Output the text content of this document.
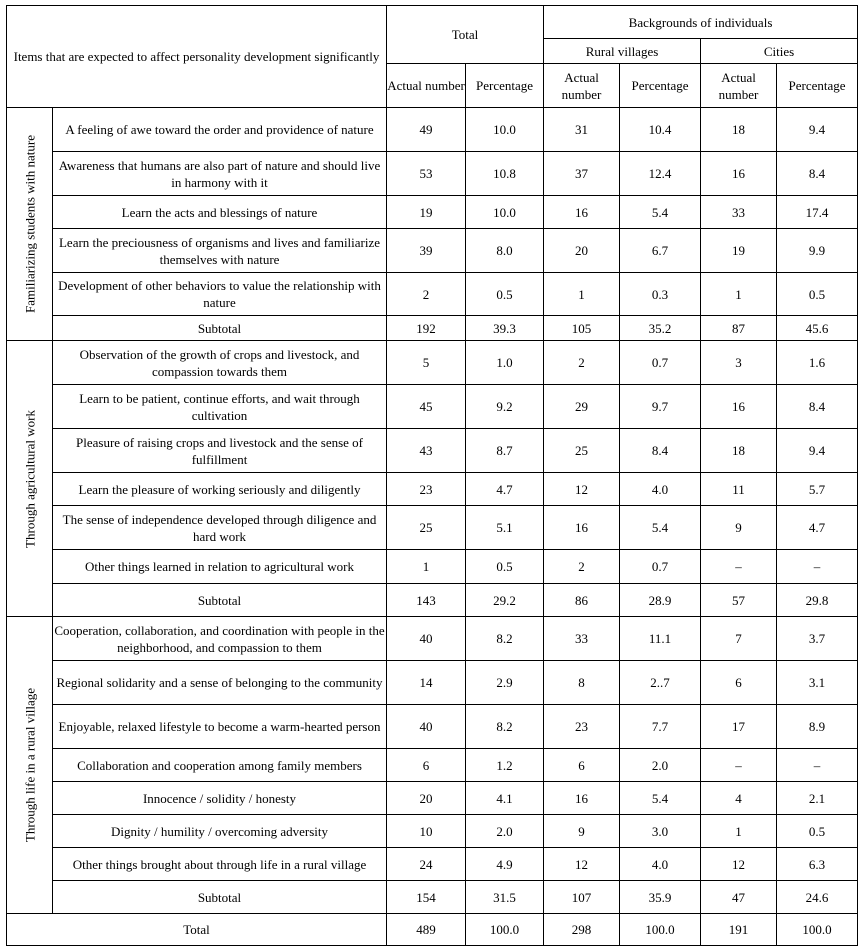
Items that are expected to affect personality development significantly		Total		Backgrounds of individuals			
				Rural villages		Cities	
		Actual number	Percentage	Actual number	Percentage	Actual number	Percentage

Familiarizing students with nature	A feeling of awe toward the order and providence of nature	49	10.0	31	10.4	18	9.4
	Awareness that humans are also part of nature and should live in harmony with it	53	10.8	37	12.4	16	8.4
	Learn the acts and blessings of nature	19	10.0	16	5.4	33	17.4
	Learn the preciousness of organisms and lives and familiarize themselves with nature	39	8.0	20	6.7	19	9.9
	Development of other behaviors to value the relationship with nature	2	0.5	1	0.3	1	0.5
	Subtotal	192	39.3	105	35.2	87	45.6

Through agricultural work	Observation of the growth of crops and livestock, and compassion towards them	5	1.0	2	0.7	3	1.6
	Learn to be patient, continue efforts, and wait through cultivation	45	9.2	29	9.7	16	8.4
	Pleasure of raising crops and livestock and the sense of fulfillment	43	8.7	25	8.4	18	9.4
	Learn the pleasure of working seriously and diligently	23	4.7	12	4.0	11	5.7
	The sense of independence developed through diligence and hard work	25	5.1	16	5.4	9	4.7
	Other things learned in relation to agricultural work	1	0.5	2	0.7	–	–
	Subtotal	143	29.2	86	28.9	57	29.8

Through life in a rural village	Cooperation, collaboration, and coordination with people in the neighborhood, and compassion to them	40	8.2	33	11.1	7	3.7
	Regional solidarity and a sense of belonging to the community	14	2.9	8	2..7	6	3.1
	Enjoyable, relaxed lifestyle to become a warm-hearted person	40	8.2	23	7.7	17	8.9
	Collaboration and cooperation among family members	6	1.2	6	2.0	–	–
	Innocence / solidity / honesty	20	4.1	16	5.4	4	2.1
	Dignity / humility / overcoming adversity	10	2.0	9	3.0	1	0.5
	Other things brought about through life in a rural village	24	4.9	12	4.0	12	6.3
	Subtotal	154	31.5	107	35.9	47	24.6
Total		489	100.0	298	100.0	191	100.0
